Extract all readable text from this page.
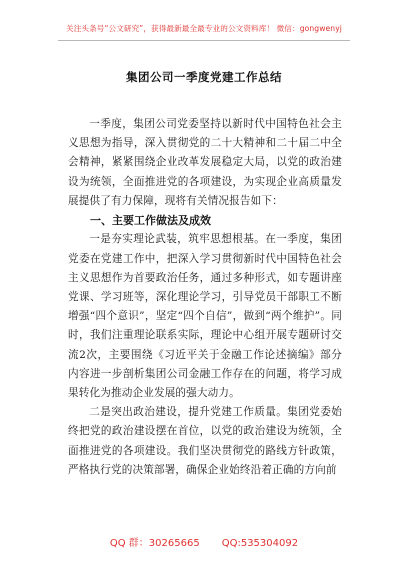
关注头条号“公文研究”，获得最新最全最专业的公文资料库！ 微信：gongwenyj
集团公司一季度党建工作总结

一季度，集团公司党委坚持以新时代中国特色社会主义思想为指导，深入贯彻党的二十大精神和二十届二中全会精神，紧紧围绕企业改革发展稳定大局，以党的政治建设为统领，全面推进党的各项建设，为实现企业高质量发展提供了有力保障，现将有关情况报告如下：

一、主要工作做法及成效

一是夯实理论武装，筑牢思想根基。在一季度，集团党委在党建工作中，把深入学习贯彻新时代中国特色社会主义思想作为首要政治任务，通过多种形式，如专题讲座党课、学习班等，深化理论学习，引导党员干部职工不断增强“四个意识”，坚定“四个自信”，做到“两个维护”。同时，我们注重理论联系实际，理论中心组开展专题研讨交流2次，主要围绕《习近平关于金融工作论述摘编》部分内容进一步剖析集团公司金融工作存在的问题，将学习成果转化为推动企业发展的强大动力。

二是突出政治建设，提升党建工作质量。集团党委始终把党的政治建设摆在首位，以党的政治建设为统领，全面推进党的各项建设。我们坚决贯彻党的路线方针政策，严格执行党的决策部署，确保企业始终沿着正确的方向前

QQ 群：30265665 QQ:535304092
